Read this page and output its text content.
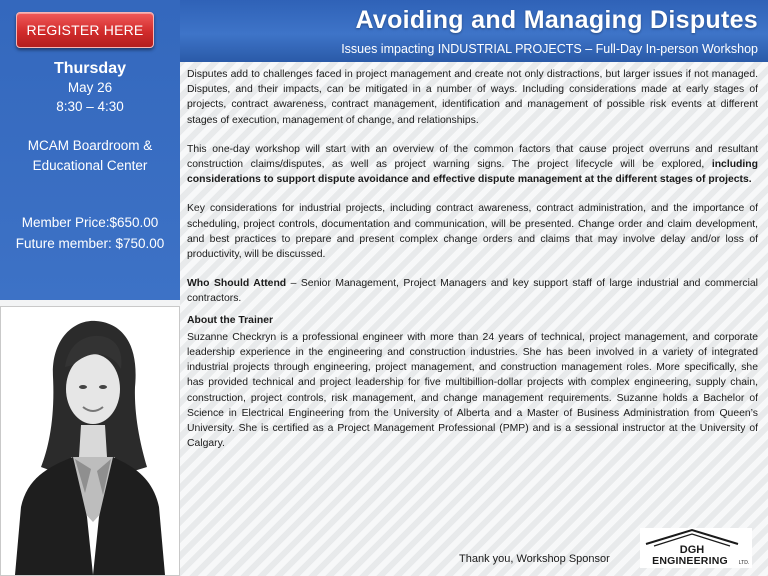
REGISTER HERE	Avoiding and Managing Disputes
Issues impacting INDUSTRIAL PROJECTS – Full-Day In-person Workshop
Thursday
May 26
8:30 – 4:30
MCAM Boardroom &
Educational Center
Member Price:$650.00
Future member: $750.00

Disputes add to challenges faced in project management and create not only distractions, but larger issues if not managed. Disputes, and their impacts, can be mitigated in a number of ways. Including considerations made at early stages of projects, contract awareness, contract management, identification and management of possible risk events at different stages of execution, management of change, and relationships.

This one-day workshop will start with an overview of the common factors that cause project overruns and resultant construction claims/disputes, as well as project warning signs. The project lifecycle will be explored, including considerations to support dispute avoidance and effective dispute management at the different stages of projects.

Key considerations for industrial projects, including contract awareness, contract administration, and the importance of scheduling, project controls, documentation and communication, will be presented. Change order and claim development, and best practices to prepare and present complex change orders and claims that may involve delay and/or loss of productivity, will be discussed.

Who Should Attend – Senior Management, Project Managers and key support staff of large industrial and commercial contractors.

About the Trainer

Suzanne Checkryn is a professional engineer with more than 24 years of technical, project management, and corporate leadership experience in the engineering and construction industries. She has been involved in a variety of integrated industrial projects through engineering, project management, and construction management roles. More specifically, she has provided technical and project leadership for five multibillion-dollar projects with complex engineering, supply chain, construction, project controls, risk management, and change management requirements. Suzanne holds a Bachelor of Science in Electrical Engineering from the University of Alberta and a Master of Business Administration from Queen’s University. She is certified as a Project Management Professional (PMP) and is a sessional instructor at the University of Calgary.

Thank you, Workshop Sponsor
DGH
ENGINEERING LTD.
